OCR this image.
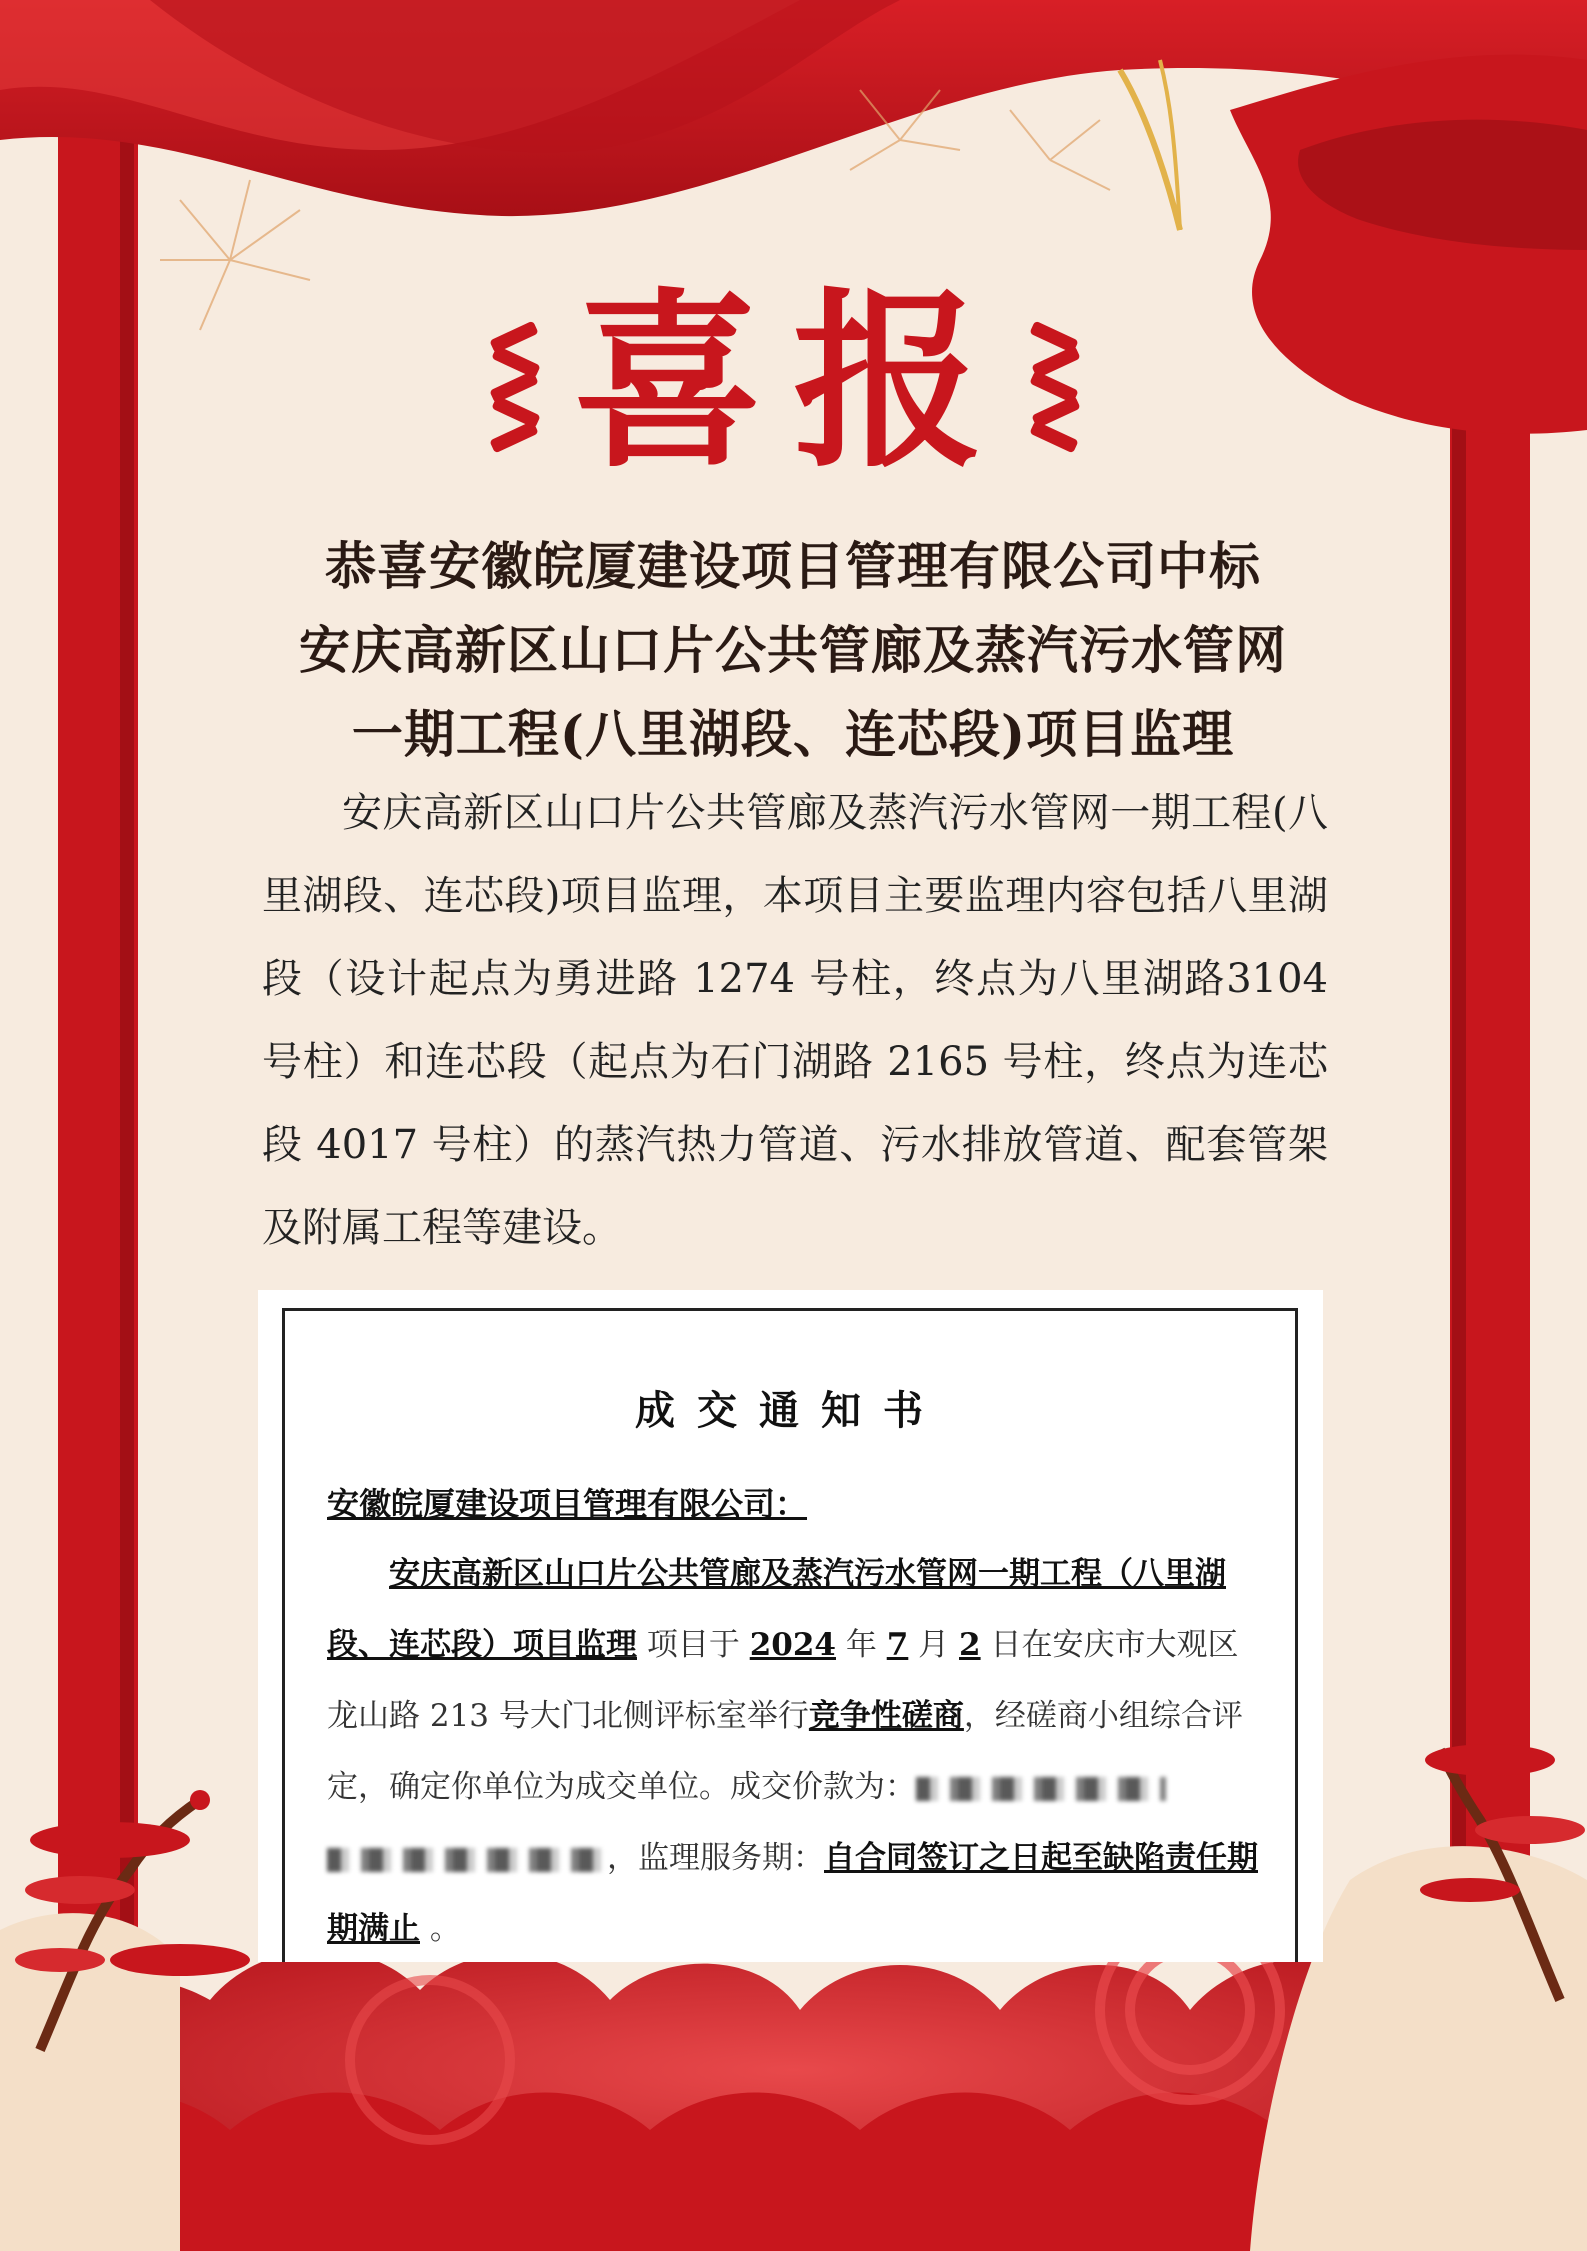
喜报
恭喜安徽皖厦建设项目管理有限公司中标
安庆高新区山口片公共管廊及蒸汽污水管网
一期工程(八里湖段、连芯段)项目监理
安庆高新区山口片公共管廊及蒸汽污水管网一期工程(八里湖段、连芯段)项目监理，本项目主要监理内容包括八里湖段（设计起点为勇进路 1274 号柱，终点为八里湖路3104 号柱）和连芯段（起点为石门湖路 2165 号柱，终点为连芯段 4017 号柱）的蒸汽热力管道、污水排放管道、配套管架及附属工程等建设。
成交通知书
安徽皖厦建设项目管理有限公司：
安庆高新区山口片公共管廊及蒸汽污水管网一期工程（八里湖段、连芯段）项目监理 项目于 2024 年 7 月 2 日在安庆市大观区龙山路 213 号大门北侧评标室举行竞争性磋商，经磋商小组综合评定，确定你单位为成交单位。成交价款为：，监理服务期：自合同签订之日起至缺陷责任期期满止 。
